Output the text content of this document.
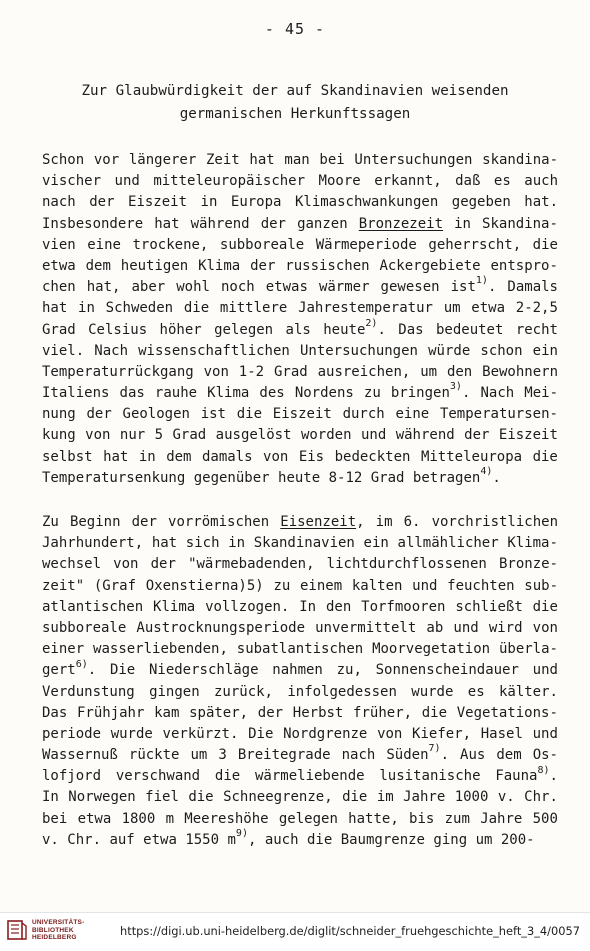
- 45 -
Zur Glaubwürdigkeit der auf Skandinavien weisenden
germanischen Herkunftssagen
Schon vor längerer Zeit hat man bei Untersuchungen skandina-
vischer und mitteleuropäischer Moore erkannt, daß es auch
nach der Eiszeit in Europa Klimaschwankungen gegeben hat.
Insbesondere hat während der ganzen Bronzezeit in Skandina-
vien eine trockene, subboreale Wärmeperiode geherrscht, die
etwa dem heutigen Klima der russischen Ackergebiete entspro-
chen hat, aber wohl noch etwas wärmer gewesen ist$^{1)}$. Damals
hat in Schweden die mittlere Jahrestemperatur um etwa 2-2,5
Grad Celsius höher gelegen als heute$^{2)}$. Das bedeutet recht
viel. Nach wissenschaftlichen Untersuchungen würde schon ein
Temperaturrückgang von 1-2 Grad ausreichen, um den Bewohnern
Italiens das rauhe Klima des Nordens zu bringen$^{3)}$. Nach Mei-
nung der Geologen ist die Eiszeit durch eine Temperatursen-
kung von nur 5 Grad ausgelöst worden und während der Eiszeit
selbst hat in dem damals von Eis bedeckten Mitteleuropa die
Temperatursenkung gegenüber heute 8-12 Grad betragen$^{4)}$.
Zu Beginn der vorrömischen Eisenzeit, im 6. vorchristlichen
Jahrhundert, hat sich in Skandinavien ein allmählicher Klima-
wechsel von der "wärmebadenden, lichtdurchflossenen Bronze-
zeit" (Graf Oxenstierna)5) zu einem kalten und feuchten sub-
atlantischen Klima vollzogen. In den Torfmooren schließt die
subboreale Austrocknungsperiode unvermittelt ab und wird von
einer wasserliebenden, subatlantischen Moorvegetation überla-
gert$^{6)}$. Die Niederschläge nahmen zu, Sonnenscheindauer und
Verdunstung gingen zurück, infolgedessen wurde es kälter.
Das Frühjahr kam später, der Herbst früher, die Vegetations-
periode wurde verkürzt. Die Nordgrenze von Kiefer, Hasel und
Wassernuß rückte um 3 Breitegrade nach Süden$^{7)}$. Aus dem Os-
lofjord verschwand die wärmeliebende lusitanische Fauna$^{8)}$.
In Norwegen fiel die Schneegrenze, die im Jahre 1000 v. Chr.
bei etwa 1800 m Meereshöhe gelegen hatte, bis zum Jahre 500
v. Chr. auf etwa 1550 $m^{9)}$, auch die Baumgrenze ging um 200-
UNIVERSITÄTS-
BIBLIOTHEK
HEIDELBERG	https://digi.ub.uni-heidelberg.de/diglit/schneider_fruehgeschichte_heft_3_4/0057
